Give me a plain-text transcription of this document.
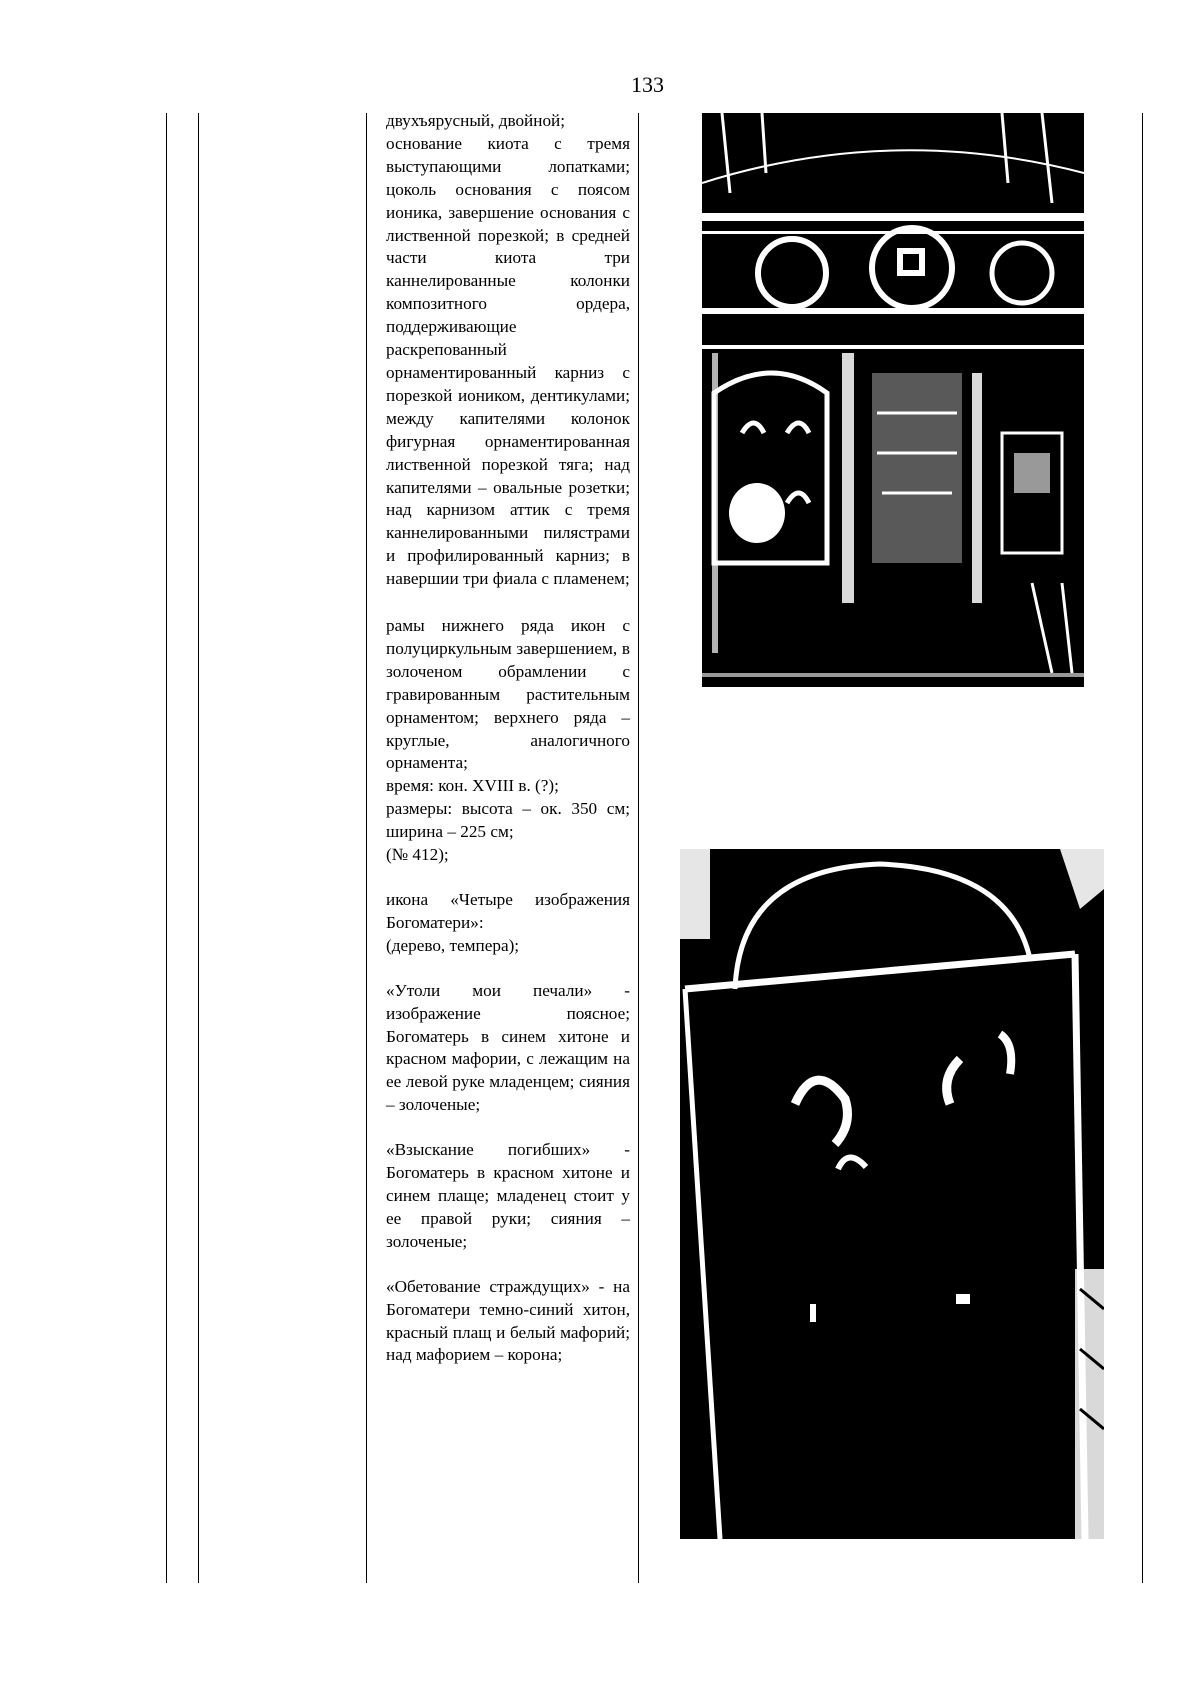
133

двухъярусный, двойной;
основание киота с тремя выступающими лопатками; цоколь основания с поясом ионика, завершение основания с лиственной порезкой; в средней части киота три каннелированные колонки композитного ордера, поддерживающие раскрепованный орнаментированный карниз с порезкой иоником, дентикулами; между капителями колонок фигурная орнаментированная лиственной порезкой тяга; над капителями – овальные розетки; над карнизом аттик с тремя каннелированными пилястрами и профилированный карниз; в навершии три фиала с пламенем;

рамы нижнего ряда икон с полуциркульным завершением, в золоченом обрамлении с гравированным растительным орнаментом; верхнего ряда – круглые, аналогичного орнамента;
время: кон. XVIII в. (?);
размеры: высота – ок. 350 см; ширина – 225 см;
(№ 412);

икона «Четыре изображения Богоматери»:
(дерево, темпера);

«Утоли мои печали» - изображение поясное; Богоматерь в синем хитоне и красном мафории, с лежащим на ее левой руке младенцем; сияния – золоченые;

«Взыскание погибших» - Богоматерь в красном хитоне и синем плаще; младенец стоит у ее правой руки; сияния – золоченые;

«Обетование страждущих» - на Богоматери темно-синий хитон, красный плащ и белый мафорий; над мафорием – корона;
